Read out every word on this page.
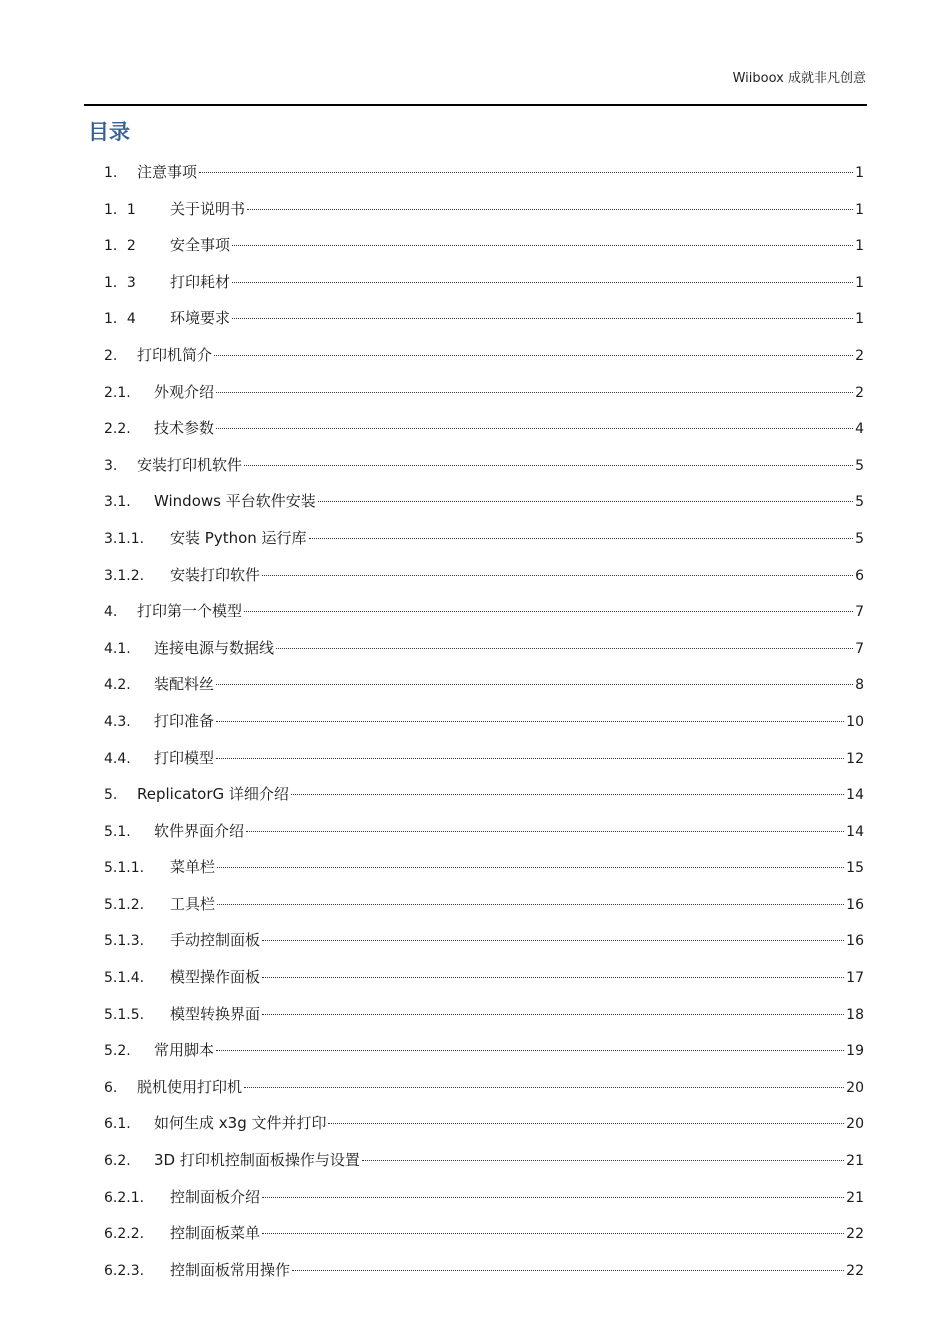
Wiiboox 成就非凡创意
目录
1.	注意事项	1
1．1	关于说明书	1
1．2	安全事项	1
1．3	打印耗材	1
1．4	环境要求	1
2.	打印机简介	2
2.1.	外观介绍	2
2.2.	技术参数	4
3.	安装打印机软件	5
3.1.	Windows 平台软件安装	5
3.1.1.	安装 Python 运行库	5
3.1.2.	安装打印软件	6
4.	打印第一个模型	7
4.1.	连接电源与数据线	7
4.2.	装配料丝	8
4.3.	打印准备	10
4.4.	打印模型	12
5.	ReplicatorG 详细介绍	14
5.1.	软件界面介绍	14
5.1.1.	菜单栏	15
5.1.2.	工具栏	16
5.1.3.	手动控制面板	16
5.1.4.	模型操作面板	17
5.1.5.	模型转换界面	18
5.2.	常用脚本	19
6.	脱机使用打印机	20
6.1.	如何生成 x3g 文件并打印	20
6.2.	3D 打印机控制面板操作与设置	21
6.2.1.	控制面板介绍	21
6.2.2.	控制面板菜单	22
6.2.3.	控制面板常用操作	22
